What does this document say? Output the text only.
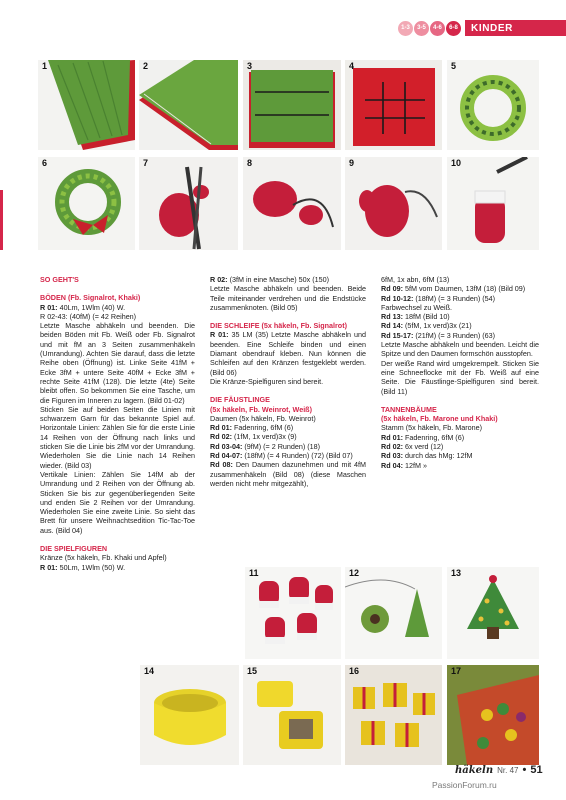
1-3	3-5	4-6	6-8	KINDER
1	2	3	4	5
6	7	8	9	10

SO GEHT'S

BÖDEN (Fb. Signalrot, Khaki)

R 01: 40Lm, 1Wlm (40) W.

R 02-43: (40fM) (= 42 Reihen)

Letzte Masche abhäkeln und beenden. Die beiden Böden mit Fb. Weiß oder Fb. Signalrot und mit fM an 3 Seiten zusammenhäkeln (Umrandung). Achten Sie darauf, dass die letzte Reihe oben (Öffnung) ist. Linke Seite 41fM + Ecke 3fM + untere Seite 40fM + Ecke 3fM + rechte Seite 41fM (128). Die letzte (4te) Seite bleibt offen. So bekommen Sie eine Tasche, um die Figuren im Inneren zu lagern. (Bild 01-02)

Sticken Sie auf beiden Seiten die Linien mit schwarzem Garn für das bekannte Spiel auf. Horizontale Linien: Zählen Sie für die erste Linie 14 Reihen von der Öffnung nach links und sticken Sie die Linie bis 2fM vor der Umrandung. Wiederholen Sie die Linie nach 14 Reihen wieder. (Bild 03)

Vertikale Linien: Zählen Sie 14fM ab der Umrandung und 2 Reihen von der Öffnung ab. Sticken Sie bis zur gegenüberliegenden Seite und enden Sie 2 Reihen vor der Umrandung. Wiederholen Sie eine zweite Linie. So sieht das Brett für unsere Weihnachtsedition Tic-Tac-Toe aus. (Bild 04)

DIE SPIELFIGUREN

Kränze (5x häkeln, Fb. Khaki und Apfel)

R 01: 50Lm, 1Wlm (50) W.

R 02: (3fM in eine Masche) 50x (150)

Letzte Masche abhäkeln und beenden. Beide Teile miteinander verdrehen und die Endstücke zusammenknoten. (Bild 05)

DIE SCHLEIFE (5x häkeln, Fb. Signalrot)

R 01: 35 LM (35) Letzte Masche abhäkeln und beenden. Eine Schleife binden und einen Diamant obendrauf kleben. Nun können die Schleifen auf den Kränzen festgeklebt werden. (Bild 06)

Die Kränze-Spielfiguren sind bereit.

DIE FÄUSTLINGE

(5x häkeln, Fb. Weinrot, Weiß)

Daumen (5x häkeln, Fb. Weinrot)

Rd 01: Fadenring, 6fM (6)

Rd 02: (1fM, 1x verd)3x (9)

Rd 03-04: (9fM) (= 2 Runden) (18)

Rd 04-07: (18fM) (= 4 Runden) (72) (Bild 07)

Rd 08: Den Daumen dazunehmen und mit 4fM zusammenhäkeln (Bild 08) (diese Maschen werden nicht mehr mitgezählt),

6fM, 1x abn, 6fM (13)

Rd 09: 5fM vom Daumen, 13fM (18) (Bild 09)

Rd 10-12: (18fM) (= 3 Runden) (54)

Farbwechsel zu Weiß.

Rd 13: 18fM (Bild 10)

Rd 14: (5fM, 1x verd)3x (21)

Rd 15-17: (21fM) (= 3 Runden) (63)

Letzte Masche abhäkeln und beenden. Leicht die Spitze und den Daumen formschön ausstopfen.

Der weiße Rand wird umgekrempelt. Sticken Sie eine Schneeflocke mit der Fb. Weiß auf eine Seite. Die Fäustlinge-Spielfiguren sind bereit. (Bild 11)

TANNENBÄUME

(5x häkeln, Fb. Marone und Khaki)

Stamm (5x häkeln, Fb. Marone)

Rd 01: Fadenring, 6fM (6)

Rd 02: 6x verd (12)

Rd 03: durch das hMg: 12fM

Rd 04: 12fM »

11	12	13
14	15	16	17
häkeln Nr. 47 • 51
PassionForum.ru
